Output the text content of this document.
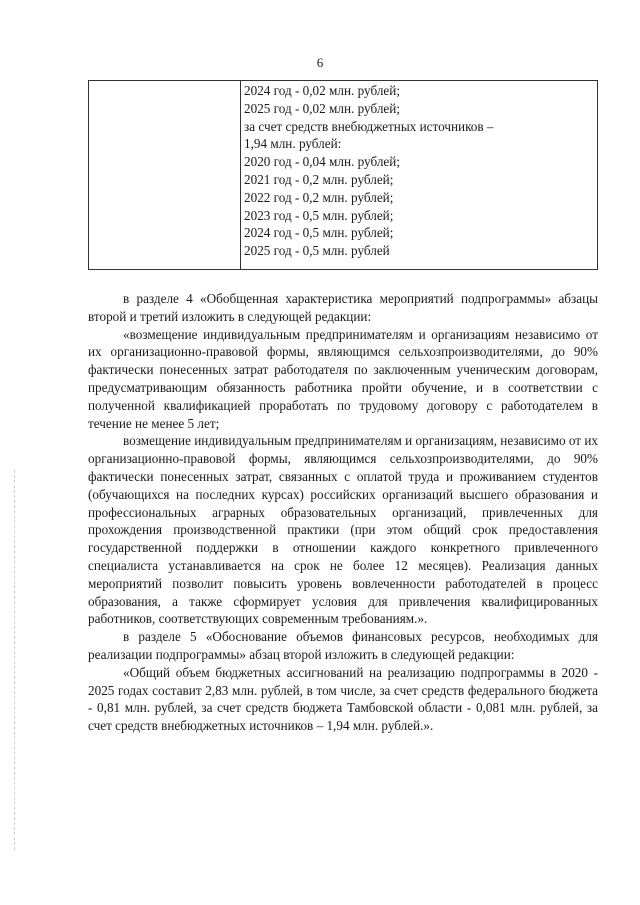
6
2024 год - 0,02 млн. рублей;
2025 год - 0,02 млн. рублей;
за счет средств внебюджетных источников –
1,94 млн. рублей:
2020 год - 0,04 млн. рублей;
2021 год - 0,2 млн. рублей;
2022 год - 0,2 млн. рублей;
2023 год - 0,5 млн. рублей;
2024 год - 0,5 млн. рублей;
2025 год - 0,5 млн. рублей

в разделе 4 «Обобщенная характеристика мероприятий подпрограммы» абзацы второй и третий изложить в следующей редакции:

«возмещение индивидуальным предпринимателям и организациям независимо от их организационно-правовой формы, являющимся сельхозпроизводителями, до 90% фактически понесенных затрат работодателя по заключенным ученическим договорам, предусматривающим обязанность работника пройти обучение, и в соответствии с полученной квалификацией проработать по трудовому договору с работодателем в течение не менее 5 лет;

возмещение индивидуальным предпринимателям и организациям, независимо от их организационно-правовой формы, являющимся сельхозпроизводителями, до 90% фактически понесенных затрат, связанных с оплатой труда и проживанием студентов (обучающихся на последних курсах) российских организаций высшего образования и профессиональных аграрных образовательных организаций, привлеченных для прохождения производственной практики (при этом общий срок предоставления государственной поддержки в отношении каждого конкретного привлеченного специалиста устанавливается на срок не более 12 месяцев). Реализация данных мероприятий позволит повысить уровень вовлеченности работодателей в процесс образования, а также сформирует условия для привлечения квалифицированных работников, соответствующих современным требованиям.».

в разделе 5 «Обоснование объемов финансовых ресурсов, необходимых для реализации подпрограммы» абзац второй изложить в следующей редакции:

«Общий объем бюджетных ассигнований на реализацию подпрограммы в 2020 - 2025 годах составит 2,83 млн. рублей, в том числе, за счет средств федерального бюджета - 0,81 млн. рублей, за счет средств бюджета Тамбовской области - 0,081 млн. рублей, за счет средств внебюджетных источников – 1,94 млн. рублей.».
